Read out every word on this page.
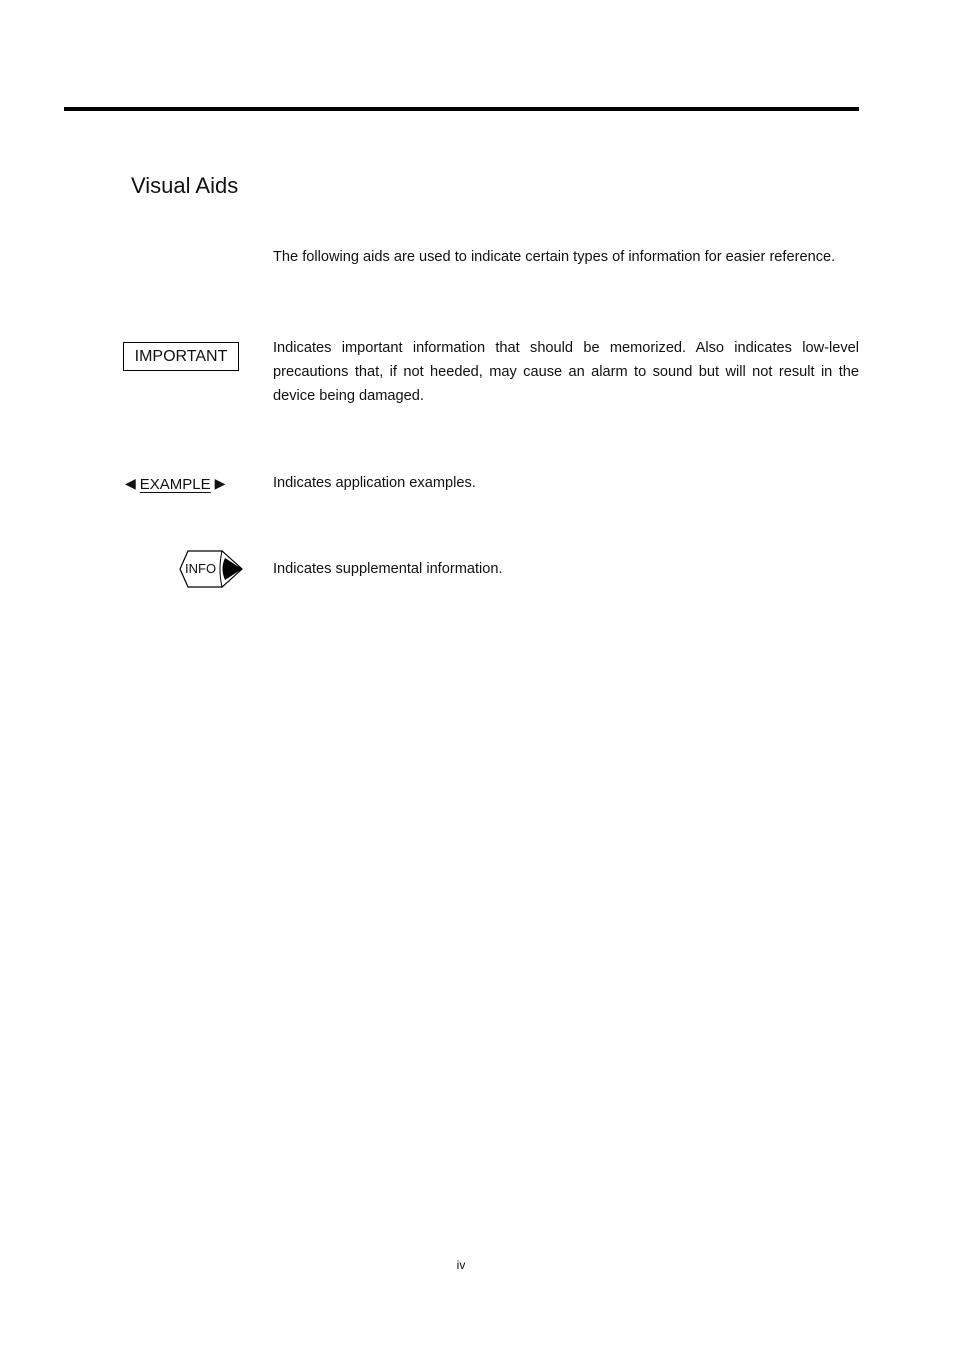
Visual Aids

The following aids are used to indicate certain types of information for easier reference.

IMPORTANT	Indicates important information that should be memorized. Also indicates low-level precautions that, if not heeded, may cause an alarm to sound but will not result in the device being damaged.

◀ EXAMPLE ▶	Indicates application examples.

INFO	Indicates supplemental information.

iv
